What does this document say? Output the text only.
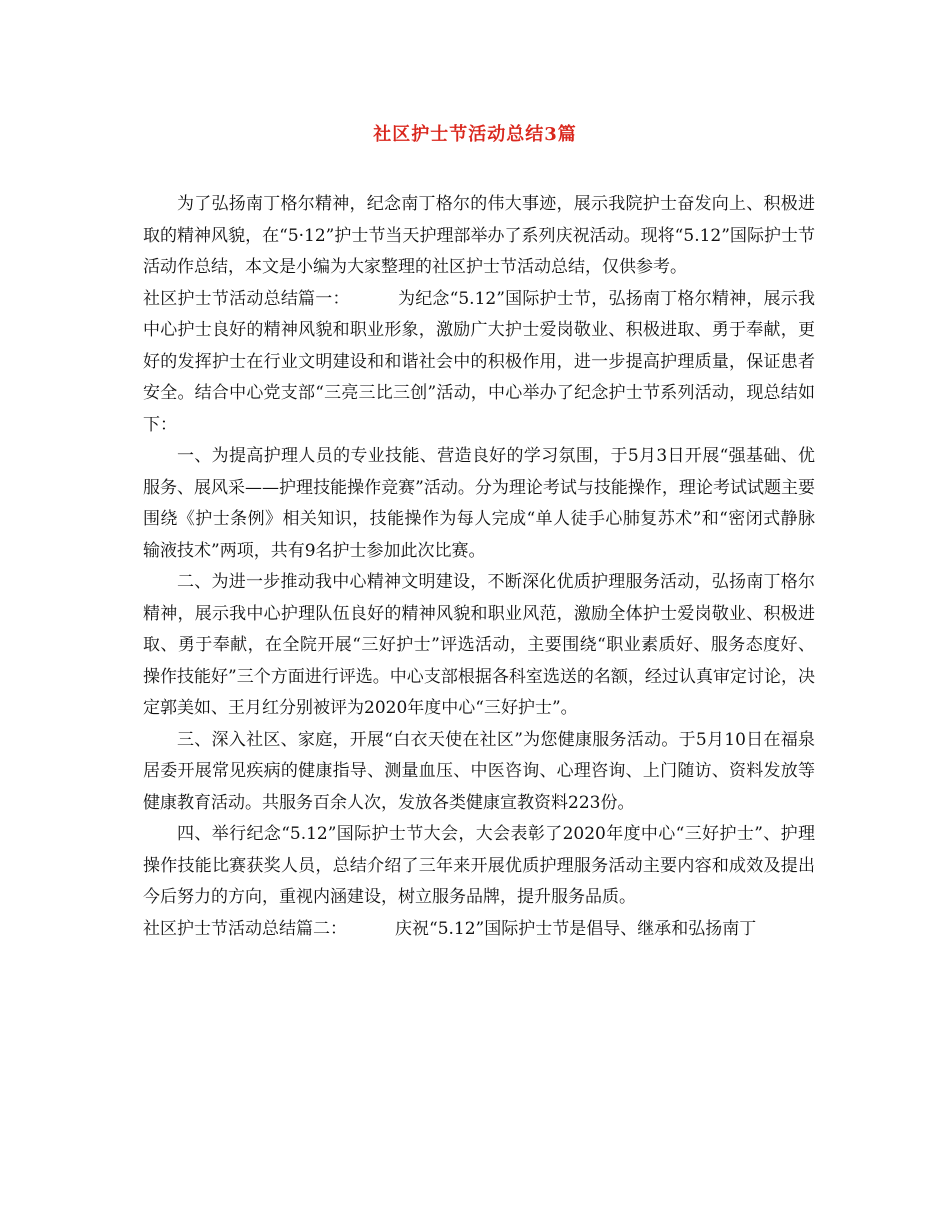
社区护士节活动总结3篇

为了弘扬南丁格尔精神，纪念南丁格尔的伟大事迹，展示我院护士奋发向上、积极进取的精神风貌，在“5·12”护士节当天护理部举办了系列庆祝活动。现将“5.12”国际护士节活动作总结，本文是小编为大家整理的社区护士节活动总结，仅供参考。

社区护士节活动总结篇一：	为纪念“5.12”国际护士节，弘扬南丁格尔精神，展示我中心护士良好的精神风貌和职业形象，激励广大护士爱岗敬业、积极进取、勇于奉献，更好的发挥护士在行业文明建设和和谐社会中的积极作用，进一步提高护理质量，保证患者安全。结合中心党支部“三亮三比三创”活动，中心举办了纪念护士节系列活动，现总结如下：

一、为提高护理人员的专业技能、营造良好的学习氛围，于5月3日开展“强基础、优服务、展风采——护理技能操作竞赛”活动。分为理论考试与技能操作，理论考试试题主要围绕《护士条例》相关知识，技能操作为每人完成“单人徒手心肺复苏术”和“密闭式静脉输液技术”两项，共有9名护士参加此次比赛。

二、为进一步推动我中心精神文明建设，不断深化优质护理服务活动，弘扬南丁格尔精神，展示我中心护理队伍良好的精神风貌和职业风范，激励全体护士爱岗敬业、积极进取、勇于奉献，在全院开展“三好护士”评选活动，主要围绕“职业素质好、服务态度好、操作技能好”三个方面进行评选。中心支部根据各科室选送的名额，经过认真审定讨论，决定郭美如、王月红分别被评为2020年度中心“三好护士”。

三、深入社区、家庭，开展“白衣天使在社区”为您健康服务活动。于5月10日在福泉居委开展常见疾病的健康指导、测量血压、中医咨询、心理咨询、上门随访、资料发放等健康教育活动。共服务百余人次，发放各类健康宣教资料223份。

四、举行纪念“5.12”国际护士节大会，大会表彰了2020年度中心“三好护士”、护理操作技能比赛获奖人员，总结介绍了三年来开展优质护理服务活动主要内容和成效及提出今后努力的方向，重视内涵建设，树立服务品牌，提升服务品质。

社区护士节活动总结篇二：	庆祝“5.12”国际护士节是倡导、继承和弘扬南丁
